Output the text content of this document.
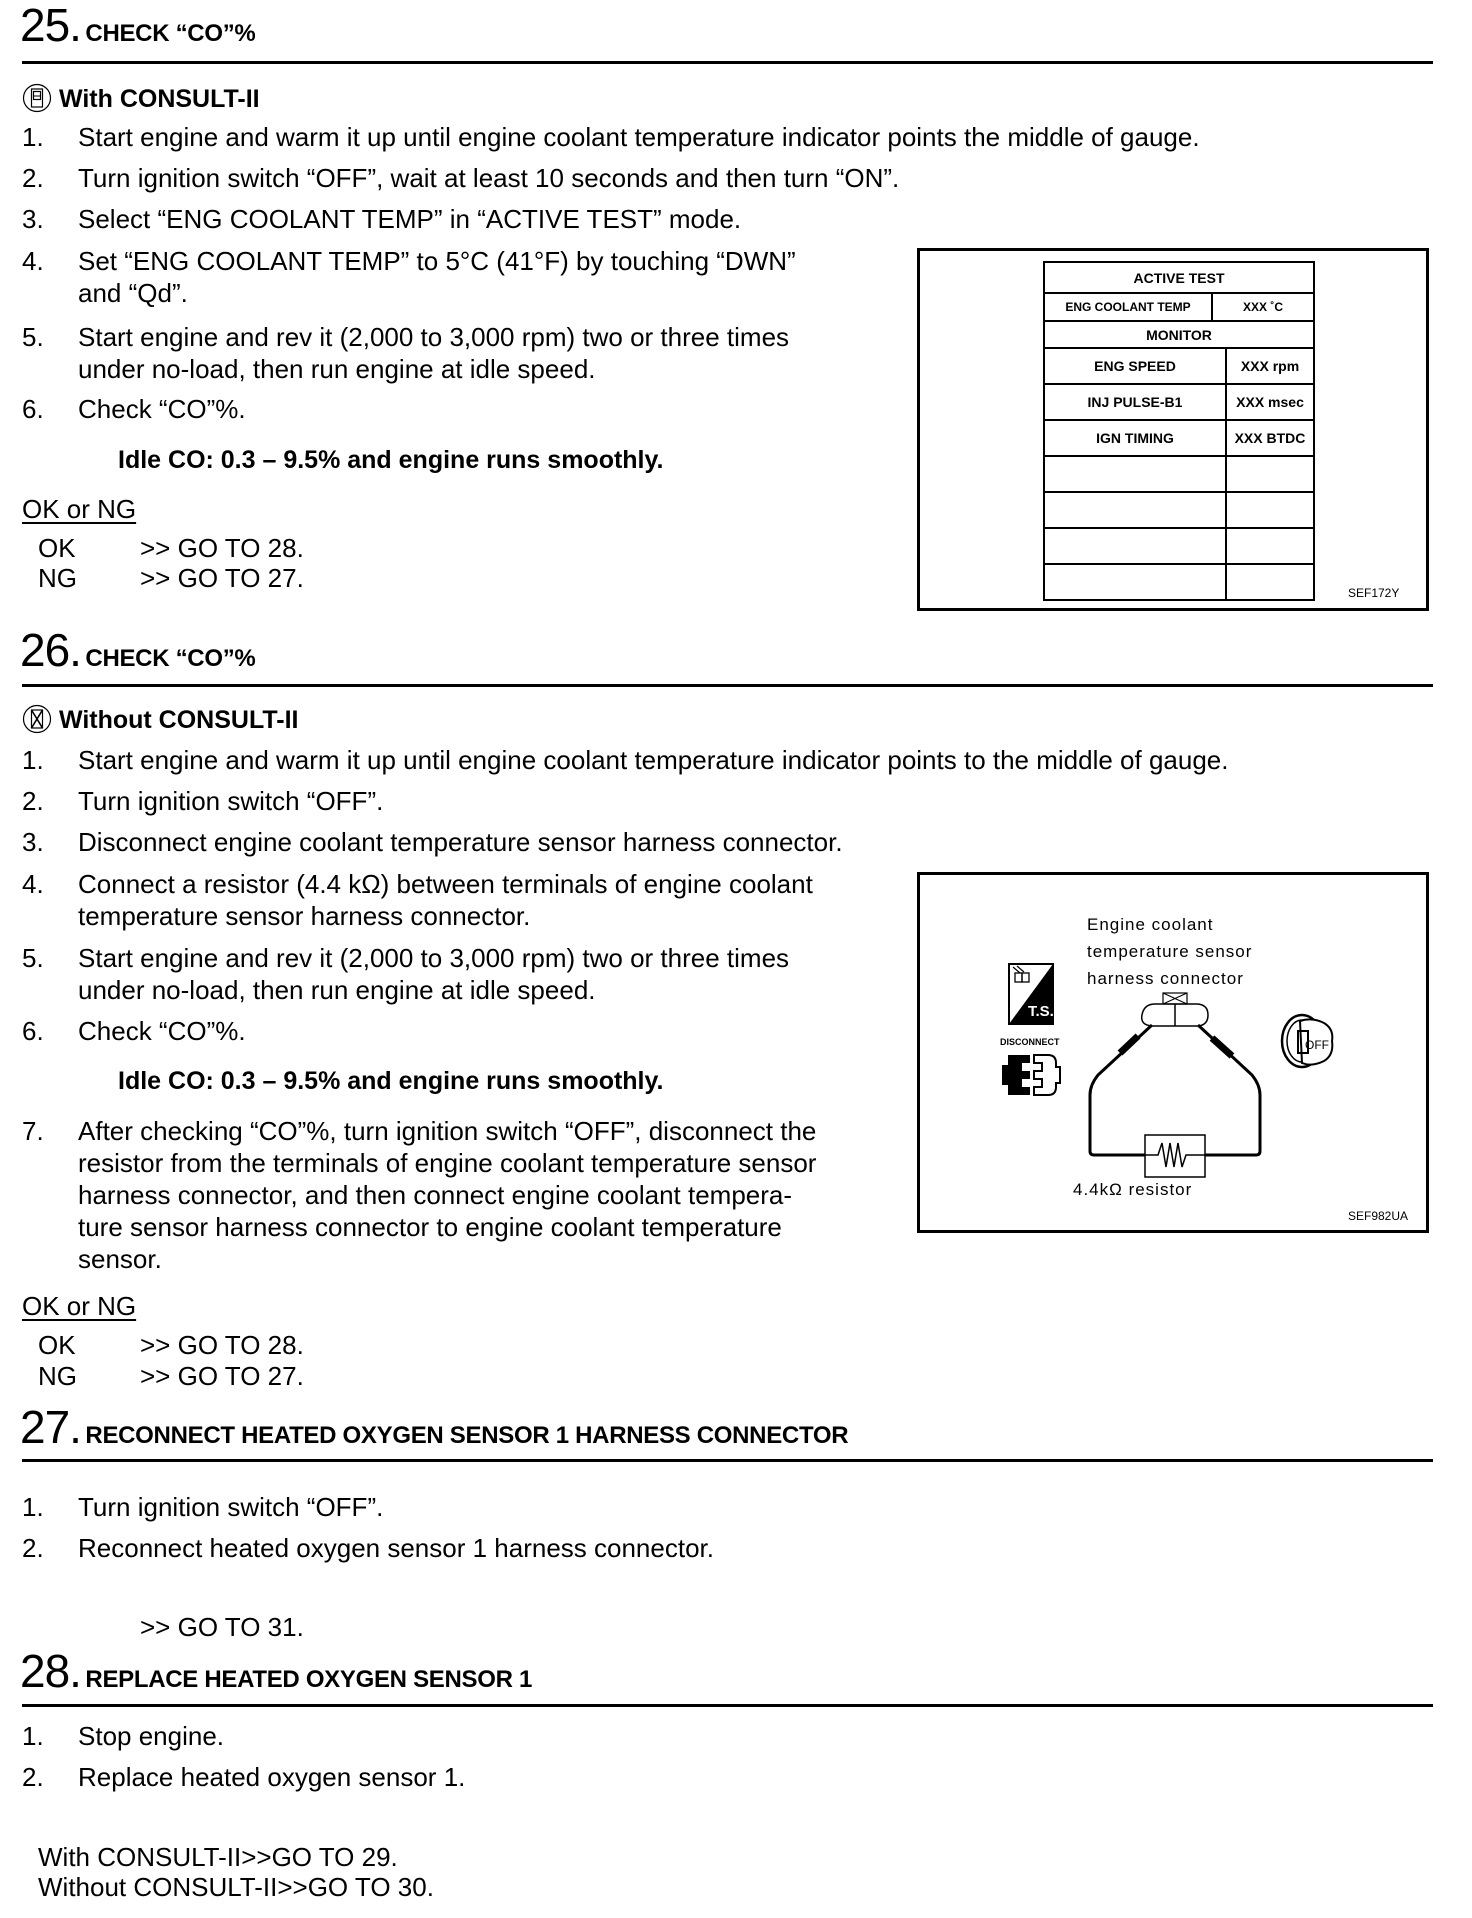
25. CHECK “CO”%
With CONSULT-II
1. Start engine and warm it up until engine coolant temperature indicator points the middle of gauge.
2. Turn ignition switch “OFF”, wait at least 10 seconds and then turn “ON”.
3. Select “ENG COOLANT TEMP” in “ACTIVE TEST” mode.
4. Set “ENG COOLANT TEMP” to 5°C (41°F) by touching “DWN”
and “Qd”.
5. Start engine and rev it (2,000 to 3,000 rpm) two or three times
under no-load, then run engine at idle speed.
6. Check “CO”%.
Idle CO: 0.3 – 9.5% and engine runs smoothly.
OK or NG
OK >> GO TO 28.
NG >> GO TO 27.
ACTIVE TEST
ENG COOLANT TEMP	XXX ˚C
MONITOR
ENG SPEED	XXX rpm
INJ PULSE-B1	XXX msec
IGN TIMING	XXX BTDC

SEF172Y
26. CHECK “CO”%
Without CONSULT-II
1. Start engine and warm it up until engine coolant temperature indicator points to the middle of gauge.
2. Turn ignition switch “OFF”.
3. Disconnect engine coolant temperature sensor harness connector.
4. Connect a resistor (4.4 kΩ) between terminals of engine coolant
temperature sensor harness connector.
5. Start engine and rev it (2,000 to 3,000 rpm) two or three times
under no-load, then run engine at idle speed.
6. Check “CO”%.
Idle CO: 0.3 – 9.5% and engine runs smoothly.
7. After checking “CO”%, turn ignition switch “OFF”, disconnect the
resistor from the terminals of engine coolant temperature sensor
harness connector, and then connect engine coolant tempera-
ture sensor harness connector to engine coolant temperature
sensor.
OK or NG
OK >> GO TO 28.
NG >> GO TO 27.
Engine coolant
temperature sensor
harness connector
T.S.
DISCONNECT	OFF
4.4kΩ resistor
SEF982UA
27. RECONNECT HEATED OXYGEN SENSOR 1 HARNESS CONNECTOR
1. Turn ignition switch “OFF”.
2. Reconnect heated oxygen sensor 1 harness connector.
>> GO TO 31.
28. REPLACE HEATED OXYGEN SENSOR 1
1. Stop engine.
2. Replace heated oxygen sensor 1.
With CONSULT-II>>GO TO 29.
Without CONSULT-II>>GO TO 30.
